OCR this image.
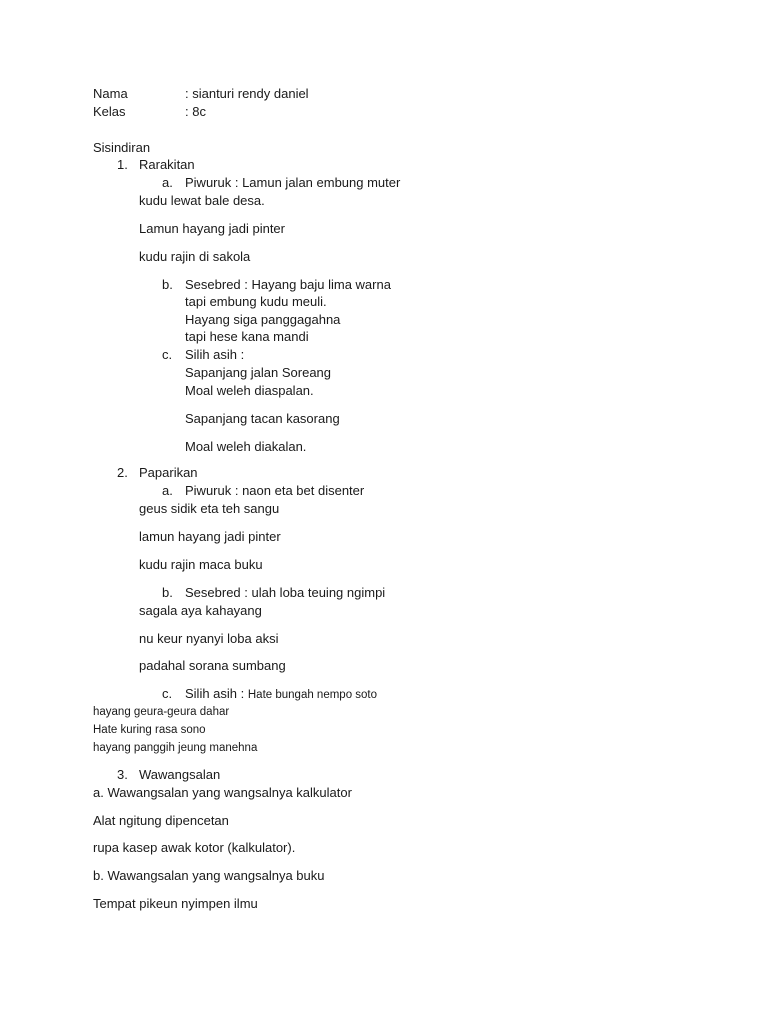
Nama	: sianturi rendy daniel
Kelas	: 8c
Sisindiran
1. Rarakitan
a. Piwuruk : Lamun jalan embung muter
kudu lewat bale desa.
Lamun hayang jadi pinter
kudu rajin di sakola
b. Sesebred : Hayang baju lima warna
tapi embung kudu meuli.
Hayang siga panggagahna
tapi hese kana mandi
c. Silih asih :
Sapanjang jalan Soreang
Moal weleh diaspalan.
Sapanjang tacan kasorang
Moal weleh diakalan.
2. Paparikan
a. Piwuruk : naon eta bet disenter
geus sidik eta teh sangu
lamun hayang jadi pinter
kudu rajin maca buku
b. Sesebred : ulah loba teuing ngimpi
sagala aya kahayang
nu keur nyanyi loba aksi
padahal sorana sumbang
c. Silih asih : Hate bungah nempo soto
hayang geura-geura dahar
Hate kuring rasa sono
hayang panggih jeung manehna
3. Wawangsalan
a. Wawangsalan yang wangsalnya kalkulator
Alat ngitung dipencetan
rupa kasep awak kotor (kalkulator).
b. Wawangsalan yang wangsalnya buku
Tempat pikeun nyimpen ilmu
